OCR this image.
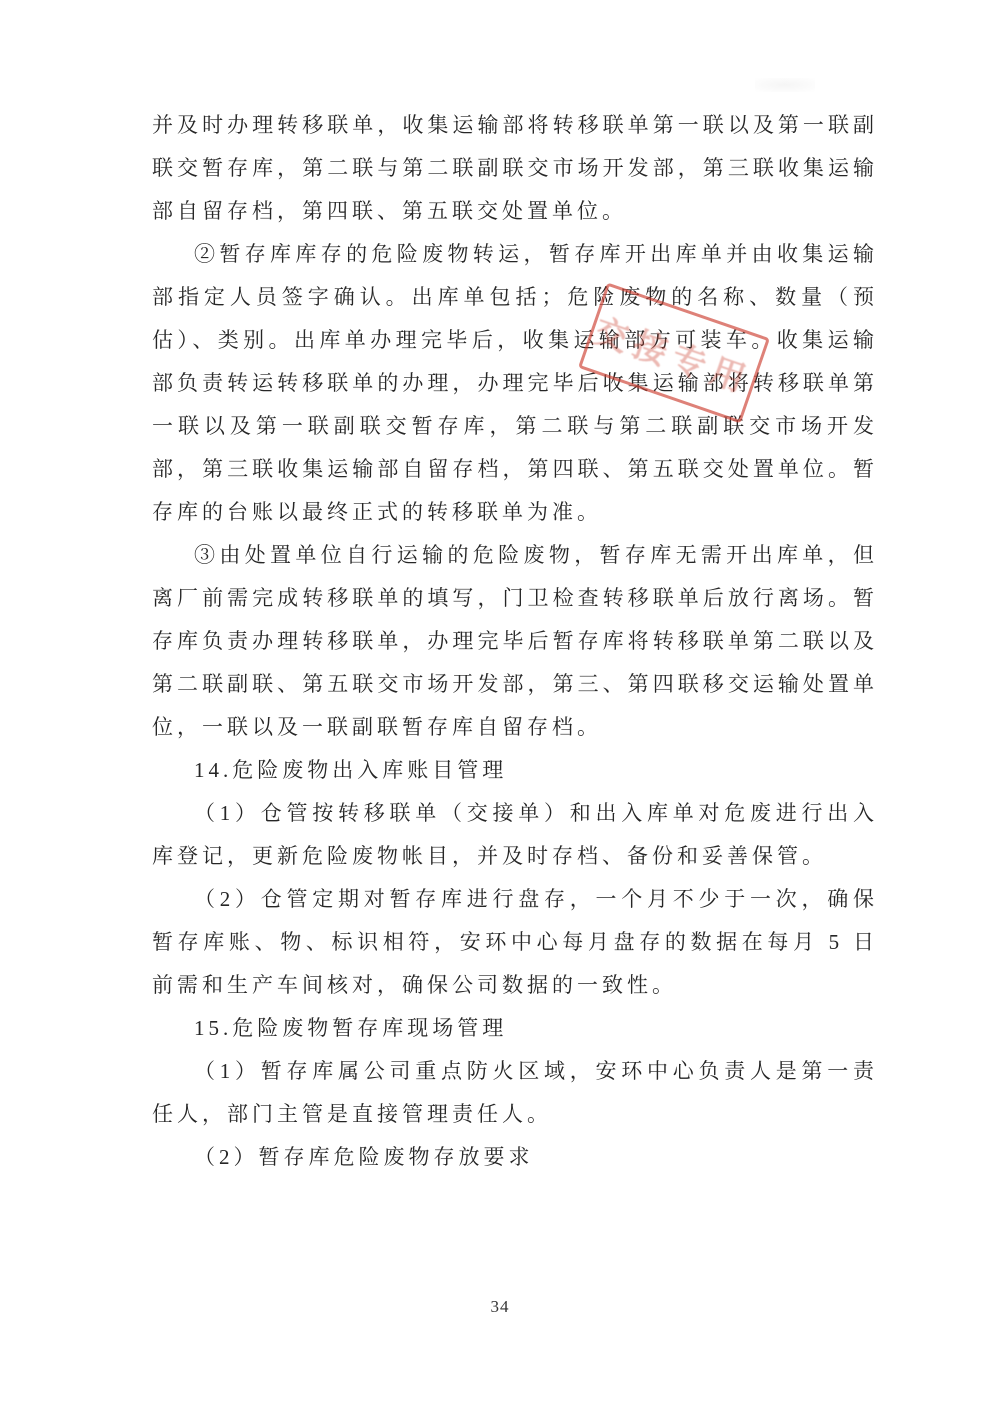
并及时办理转移联单，收集运输部将转移联单第一联以及第一联副联交暂存库，第二联与第二联副联交市场开发部，第三联收集运输部自留存档，第四联、第五联交处置单位。

②暂存库库存的危险废物转运，暂存库开出库单并由收集运输部指定人员签字确认。出库单包括；危险废物的名称、数量（预估）、类别。出库单办理完毕后，收集运输部方可装车。收集运输部负责转运转移联单的办理，办理完毕后收集运输部将转移联单第一联以及第一联副联交暂存库，第二联与第二联副联交市场开发部，第三联收集运输部自留存档，第四联、第五联交处置单位。暂存库的台账以最终正式的转移联单为准。

③由处置单位自行运输的危险废物，暂存库无需开出库单，但离厂前需完成转移联单的填写，门卫检查转移联单后放行离场。暂存库负责办理转移联单，办理完毕后暂存库将转移联单第二联以及第二联副联、第五联交市场开发部，第三、第四联移交运输处置单位，一联以及一联副联暂存库自留存档。

14.危险废物出入库账目管理

（1）仓管按转移联单（交接单）和出入库单对危废进行出入库登记，更新危险废物帐目，并及时存档、备份和妥善保管。

（2）仓管定期对暂存库进行盘存，一个月不少于一次，确保暂存库账、物、标识相符，安环中心每月盘存的数据在每月 5 日前需和生产车间核对，确保公司数据的一致性。

15.危险废物暂存库现场管理

（1）暂存库属公司重点防火区域，安环中心负责人是第一责任人，部门主管是直接管理责任人。

（2）暂存库危险废物存放要求

交接专用
34
